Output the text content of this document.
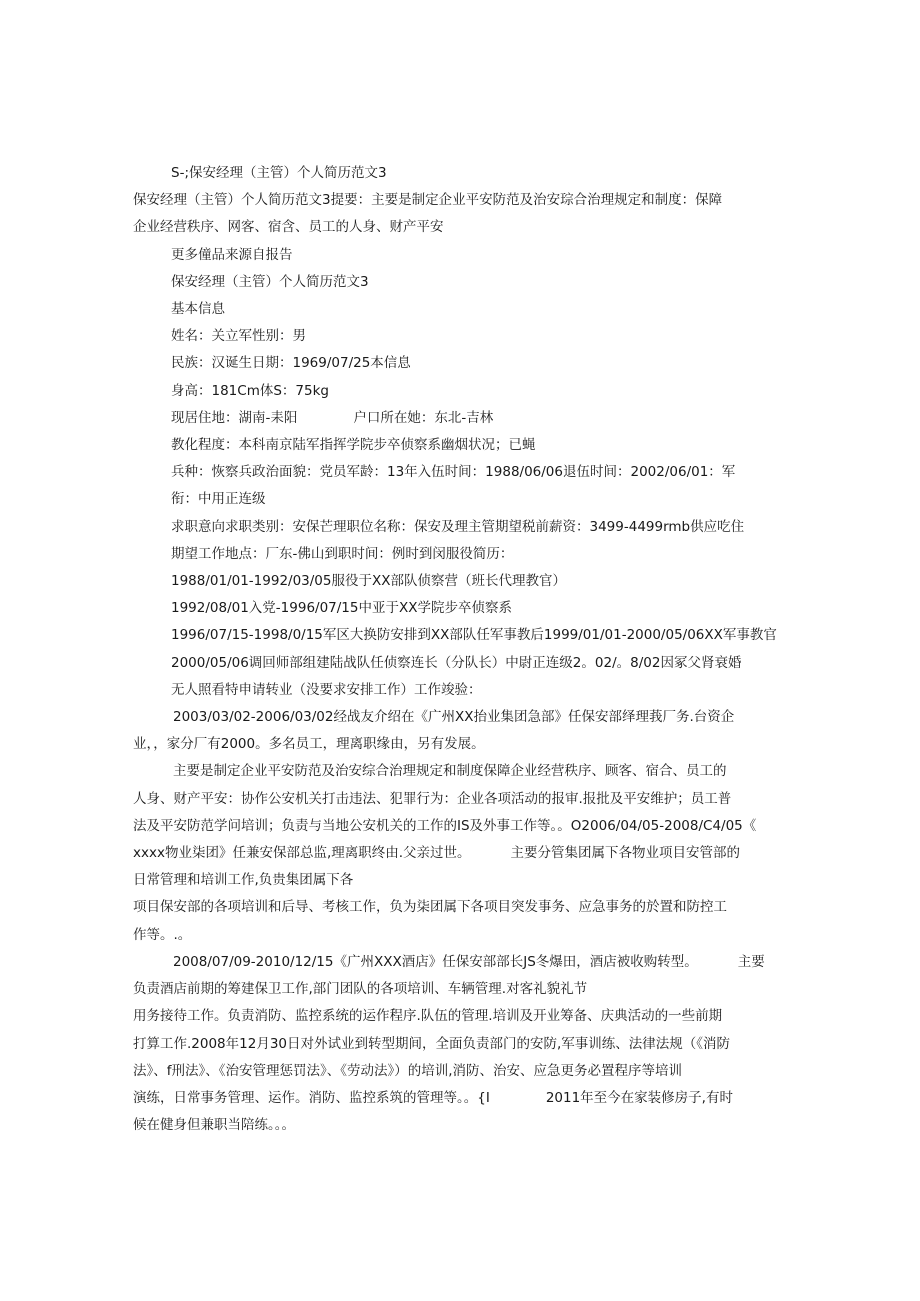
S-;保安经理（主管）个人简历范文3

保安经理（主管）个人简历范文3提要：主要是制定企业平安防范及治安琮合治理规定和制度：保障

企业经营秩序、网客、宿含、员工的人身、财产平安

更多僮品来源自报告

保安经理（主管）个人简历范文3

基本信息

姓名：关立军性别：男

民族：汉诞生日期：1969/07/25本信息

身高：181Cm体S：75kg

现居住地：湖南-耒阳	户口所在她：东北-吉林

教化程度：本科南京陆军指挥学院步卒侦察系幽烟状况；已蝇

兵种：恢察兵政治面貌：党员军龄：13年入伍时间：1988/06/06退伍时间：2002/06/01：军

衔：中用正连级

求职意向求职类别：安保芒理职位名称：保安及理主管期望税前薪资：3499-4499rmb供应吃住

期望工作地点：厂东-佛山到职时间：例时到闵服役简历：

1988/01/01-1992/03/05服役于XX部队侦察营（班长代理教官）

1992/08/01入党-1996/07/15中亚于XX学院步卒侦察系

1996/07/15-1998/0/15军区大换防安排到XX部队任军事教后1999/01/01-2000/05/06XX军事教官

2000/05/06调回师部组建陆战队任侦察连长（分队长）中尉正连级2。02/。8/02因冢父肾衰婚

无人照看特申请转业（没要求安排工作）工作竣验：

2003/03/02-2006/03/02经战友介绍在《广州XX抬业集团急部》任保安部绎理莪厂务.台资企

业，，家分厂有2000。多名员工，理离职缘由，另有发展。

主要是制定企业平安防范及治安综合治理规定和制度保障企业经营秩序、顾客、宿合、员工的

人身、财产平安：协作公安机关打击违法、犯罪行为：企业各项活动的报审.报批及平安维护；员工普

法及平安防范学问培训；负责与当地公安机关的工作的IS及外事工作等。。O2006/04/05-2008/C4/05《

xxxx物业柒团》任兼安保部总监,理离职终由.父亲过世。	主要分管集团属下各物业项目安管部的

日常管理和培训工作,负贵集团属下各

项目保安部的各项培训和后导、考核工作，负为柒团属下各项目突发事务、应急事务的於置和防控工

作等。.。

2008/07/09-2010/12/15《广州XXX酒店》任保安部部长JS冬爆田，酒店被收购转型。	主要

负责酒店前期的筹建保卫工作,部门团队的各项培训、车辆管理.对客礼貌礼节

用务接待工作。负责消防、监控系统的运作程序.队伍的管理.培训及开业筹备、庆典活动的一些前期

打算工作.2008年12月30日对外试业到转型期间，全面负责部门的安防,军事训练、法律法规（《消防

法》、f刑法》、《治安管理惩罚法》、《劳动法》）的培训,消防、治安、应急更务必置程序等培训

演练，日常事务管理、运作。消防、监控系筑的管理等。。{I	2011年至今在家装修房子,有时

候在健身但兼职当陪练。。。
